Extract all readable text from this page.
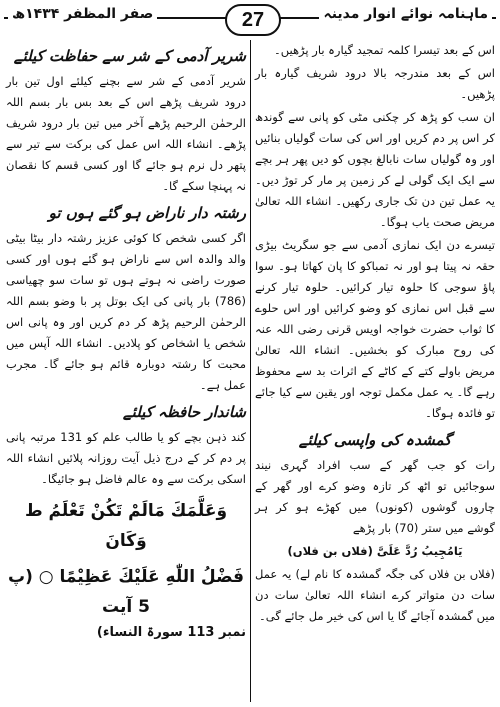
صفر المظفر ۱۴۳۴ھ	27	ماہنامہ نوائے انوار مدینہ

اس کے بعد تیسرا کلمہ تمجید گیارہ بار پڑھیں۔

اس کے بعد مندرجہ بالا درود شریف گیارہ بار پڑھیں۔

ان سب کو پڑھ کر چکنی مٹی کو پانی سے گوندھ کر اس پر دم کریں اور اس کی سات گولیاں بنائیں اور وہ گولیاں سات نابالغ بچوں کو دیں پھر ہر بچے سے ایک ایک گولی لے کر زمین پر مار کر توڑ دیں۔ یہ عمل تین دن تک جاری رکھیں۔ انشاء اللہ تعالیٰ مریض صحت یاب ہوگا۔

تیسرے دن ایک نمازی آدمی سے جو سگریٹ بیڑی حقہ نہ پیتا ہو اور نہ تمباکو کا پان کھاتا ہو۔ سوا پاؤ سوجی کا حلوہ تیار کرائیں۔ حلوہ تیار کرنے سے قبل اس نمازی کو وضو کرائیں اور اس حلوے کا ثواب حضرت خواجہ اویس قرنی رضی اللہ عنہ کی روح مبارک کو بخشیں۔ انشاء اللہ تعالیٰ مریض باولے کتے کے کاٹے کے اثرات بد سے محفوظ رہے گا۔ یہ عمل مکمل توجہ اور یقین سے کیا جائے تو فائدہ ہوگا۔

گمشدہ کی واپسی کیلئے

رات کو جب گھر کے سب افراد گہری نیند سوجائیں تو اٹھ کر تازہ وضو کرے اور گھر کے چاروں گوشوں (کونوں) میں کھڑے ہو کر ہر گوشے میں ستر (70) بار پڑھے

یَامُجِیبُ رُدَّ عَلَیَّ (فلاں بن فلاں)

(فلاں بن فلاں کی جگہ گمشدہ کا نام لے) یہ عمل سات دن متواتر کرے انشاء اللہ تعالیٰ سات دن میں گمشدہ آجائے گا یا اس کی خیر مل جائے گی۔

شریر آدمی کے شر سے حفاظت کیلئے

شریر آدمی کے شر سے بچنے کیلئے اول تین بار درود شریف پڑھے اس کے بعد بس بار بسم اللہ الرحمٰن الرحیم پڑھے آخر میں تین بار درود شریف پڑھے۔ انشاء اللہ اس عمل کی برکت سے تیر سے پتھر دل نرم ہو جائے گا اور کسی قسم کا نقصان نہ پہنچا سکے گا۔

رشتہ دار ناراض ہو گئے ہوں تو

اگر کسی شخص کا کوئی عزیز رشتہ دار بیٹا بیٹی والد والدہ اس سے ناراض ہو گئے ہوں اور کسی صورت راضی نہ ہوتے ہوں تو سات سو چھیاسی (786) بار پانی کی ایک بوتل پر با وضو بسم اللہ الرحمٰن الرحیم پڑھ کر دم کریں اور وہ پانی اس شخص یا اشخاص کو پلادیں۔ انشاء اللہ آپس میں محبت کا رشتہ دوبارہ قائم ہو جائے گا۔ مجرب عمل ہے۔

شاندار حافظہ کیلئے

کند ذہن بچے کو یا طالب علم کو 131 مرتبہ پانی پر دم کر کے درج ذیل آیت روزانہ پلائیں انشاء اللہ اسکی برکت سے وہ عالم فاضل ہو جائیگا۔

وَعَلَّمَكَ مَالَمْ تَكُنْ تَعْلَمُ ط وَكَانَ
فَضْلُ اللّٰهِ عَلَيْكَ عَظِيْمًا ○ (پ 5 آیت
نمبر 113 سورۃ النساء)
